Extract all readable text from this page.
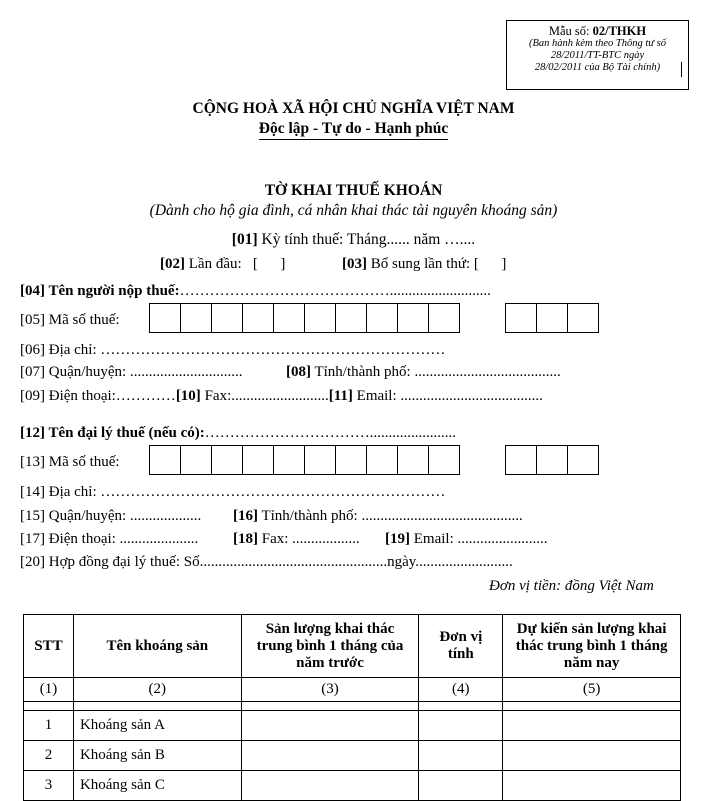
Mẫu số: 02/THKH
(Ban hành kèm theo Thông tư số
28/2011/TT-BTC ngày
28/02/2011 của Bộ Tài chính)
CỘNG HOÀ XÃ HỘI CHỦ NGHĨA VIỆT NAM
Độc lập - Tự do - Hạnh phúc
TỜ KHAI THUẾ KHOÁN
(Dành cho hộ gia đình, cá nhân khai thác tài nguyên khoáng sản)
[01] Kỳ tính thuế: Tháng...... năm …....
[02] Lần đầu:   [      ]	[03] Bổ sung lần thứ: [      ]
[04] Tên người nộp thuế:……………………………………...........................
[05] Mã số thuế:
[06] Địa chỉ: ……………………………………………………………
[07] Quận/huyện: ..............................	[08] Tỉnh/thành phố: .......................................
[09] Điện thoại:…………[10] Fax:..........................[11] Email: ......................................
[12] Tên đại lý thuế (nếu có):…………………………….......................
[13] Mã số thuế:
[14] Địa chỉ: ……………………………………………………………
[15] Quận/huyện: ................... [16] Tỉnh/thành phố: ...........................................
[17] Điện thoại: ..................... [18] Fax: .................. [19] Email: ........................
[20] Hợp đồng đại lý thuế: Số..................................................ngày..........................
Đơn vị tiền: đồng Việt Nam
STT	Tên khoáng sản	Sản lượng khai thác trung bình 1 tháng của năm trước	Đơn vị tính	Dự kiến sản lượng khai thác trung bình 1 tháng năm nay
(1)	(2)	(3)	(4)	(5)

1	Khoáng sản A			
2	Khoáng sản B			
3	Khoáng sản C			
